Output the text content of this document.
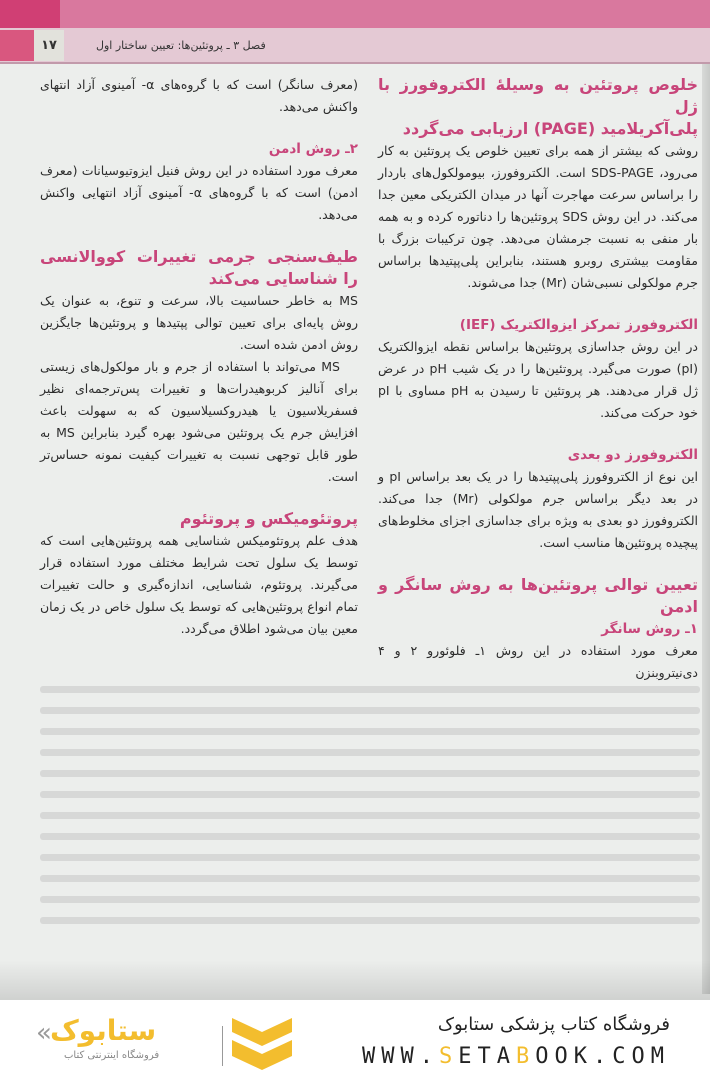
۱۷	فصل ۳ ـ پروتئین‌ها: تعیین ساختار اول

خلوص پروتئین به وسیلهٔ الکتروفورز با ژل

پلی‌آکریلامید (PAGE) ارزیابی می‌گردد

روشی که بیشتر از همه برای تعیین خلوص یک پروتئین به کار می‌رود، SDS-PAGE است. الکتروفورز، بیومولکول‌های باردار را براساس سرعت مهاجرت آنها در میدان الکتریکی معین جدا می‌کند. در این روش SDS پروتئین‌ها را دناتوره کرده و به همه بار منفی به نسبت جرمشان می‌دهد. چون ترکیبات بزرگ با مقاومت بیشتری روبرو هستند، بنابراین پلی‌پپتیدها براساس جرم مولکولی نسبی‌شان (Mr) جدا می‌شوند.

الکتروفورز تمرکز ایزوالکتریک (IEF)

در این روش جداسازی پروتئین‌ها براساس نقطه ایزوالکتریک (pI) صورت می‌گیرد. پروتئین‌ها را در یک شیب pH در عرض ژل قرار می‌دهند. هر پروتئین تا رسیدن به pH مساوی با pI خود حرکت می‌کند.

الکتروفورز دو بعدی

این نوع از الکتروفورز پلی‌پپتیدها را در یک بعد براساس pI و در بعد دیگر براساس جرم مولکولی (Mr) جدا می‌کند. الکتروفورز دو بعدی به ویژه برای جداسازی اجزای مخلوط‌های پیچیده پروتئین‌ها مناسب است.

تعیین توالی پروتئین‌ها به روش سانگر و ادمن

۱ـ روش سانگر

معرف مورد استفاده در این روش ۱ـ فلوئورو ۲ و ۴ دی‌نیتروبنزن

(معرف سانگر) است که با گروه‌های α- آمینوی آزاد انتهای واکنش می‌دهد.

۲ـ روش ادمن

معرف مورد استفاده در این روش فنیل ایزوتیوسیانات (معرف ادمن) است که با گروه‌های α- آمینوی آزاد انتهایی واکنش می‌دهد.

طیف‌سنجی جرمی تغییرات کووالانسی را شناسایی می‌کند

MS به خاطر حساسیت بالا، سرعت و تنوع، به عنوان یک روش پایه‌ای برای تعیین توالی پپتیدها و پروتئین‌ها جایگزین روش ادمن شده است.

MS می‌تواند با استفاده از جرم و بار مولکول‌های زیستی برای آنالیز کربوهیدرات‌ها و تغییرات پس‌ترجمه‌ای نظیر فسفریلاسیون یا هیدروکسیلاسیون که به سهولت باعث افزایش جرم یک پروتئین می‌شود بهره گیرد بنابراین MS به طور قابل توجهی نسبت به تغییرات کیفیت نمونه حساس‌تر است.

پروتئومیکس و پروتئوم

هدف علم پروتئومیکس شناسایی همه پروتئین‌هایی است که توسط یک سلول تحت شرایط مختلف مورد استفاده قرار می‌گیرند. پروتئوم، شناسایی، اندازه‌گیری و حالت تغییرات تمام انواع پروتئین‌هایی که توسط یک سلول خاص در یک زمان معین بیان می‌شود اطلاق می‌گردد.

«
ستابوک
فروشگاه اینترنتی کتاب
فروشگاه کتاب پزشکی ستابوک
WWW.SETABOOK.COM
